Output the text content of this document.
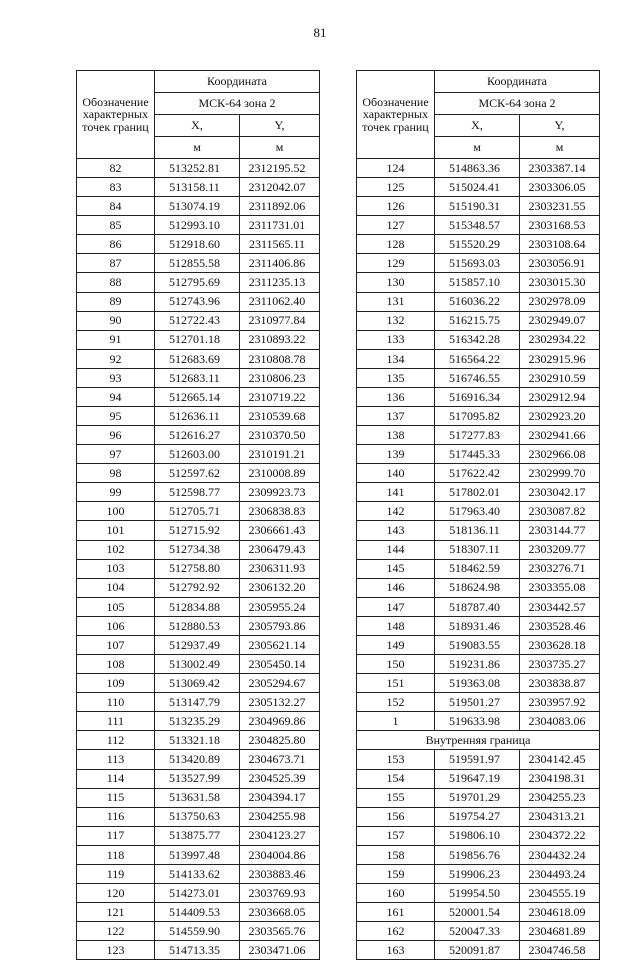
81
Обозначение характерных точек границ	Координата	
	МСК-64 зона 2	
	X,	Y,
	м	м
82	513252.81	2312195.52
83	513158.11	2312042.07
84	513074.19	2311892.06
85	512993.10	2311731.01
86	512918.60	2311565.11
87	512855.58	2311406.86
88	512795.69	2311235.13
89	512743.96	2311062.40
90	512722.43	2310977.84
91	512701.18	2310893.22
92	512683.69	2310808.78
93	512683.11	2310806.23
94	512665.14	2310719.22
95	512636.11	2310539.68
96	512616.27	2310370.50
97	512603.00	2310191.21
98	512597.62	2310008.89
99	512598.77	2309923.73
100	512705.71	2306838.83
101	512715.92	2306661.43
102	512734.38	2306479.43
103	512758.80	2306311.93
104	512792.92	2306132.20
105	512834.88	2305955.24
106	512880.53	2305793.86
107	512937.49	2305621.14
108	513002.49	2305450.14
109	513069.42	2305294.67
110	513147.79	2305132.27
111	513235.29	2304969.86
112	513321.18	2304825.80
113	513420.89	2304673.71
114	513527.99	2304525.39
115	513631.58	2304394.17
116	513750.63	2304255.98
117	513875.77	2304123.27
118	513997.48	2304004.86
119	514133.62	2303883.46
120	514273.01	2303769.93
121	514409.53	2303668.05
122	514559.90	2303565.76
123	514713.35	2303471.06
Обозначение характерных точек границ	Координата	
	МСК-64 зона 2	
	X,	Y,
	м	м
124	514863.36	2303387.14
125	515024.41	2303306.05
126	515190.31	2303231.55
127	515348.57	2303168.53
128	515520.29	2303108.64
129	515693.03	2303056.91
130	515857.10	2303015.30
131	516036.22	2302978.09
132	516215.75	2302949.07
133	516342.28	2302934.22
134	516564.22	2302915.96
135	516746.55	2302910.59
136	516916.34	2302912.94
137	517095.82	2302923.20
138	517277.83	2302941.66
139	517445.33	2302966.08
140	517622.42	2302999.70
141	517802.01	2303042.17
142	517963.40	2303087.82
143	518136.11	2303144.77
144	518307.11	2303209.77
145	518462.59	2303276.71
146	518624.98	2303355.08
147	518787.40	2303442.57
148	518931.46	2303528.46
149	519083.55	2303628.18
150	519231.86	2303735.27
151	519363.08	2303838.87
152	519501.27	2303957.92
1	519633.98	2304083.06
Внутренняя граница		
153	519591.97	2304142.45
154	519647.19	2304198.31
155	519701.29	2304255.23
156	519754.27	2304313.21
157	519806.10	2304372.22
158	519856.76	2304432.24
159	519906.23	2304493.24
160	519954.50	2304555.19
161	520001.54	2304618.09
162	520047.33	2304681.89
163	520091.87	2304746.58
